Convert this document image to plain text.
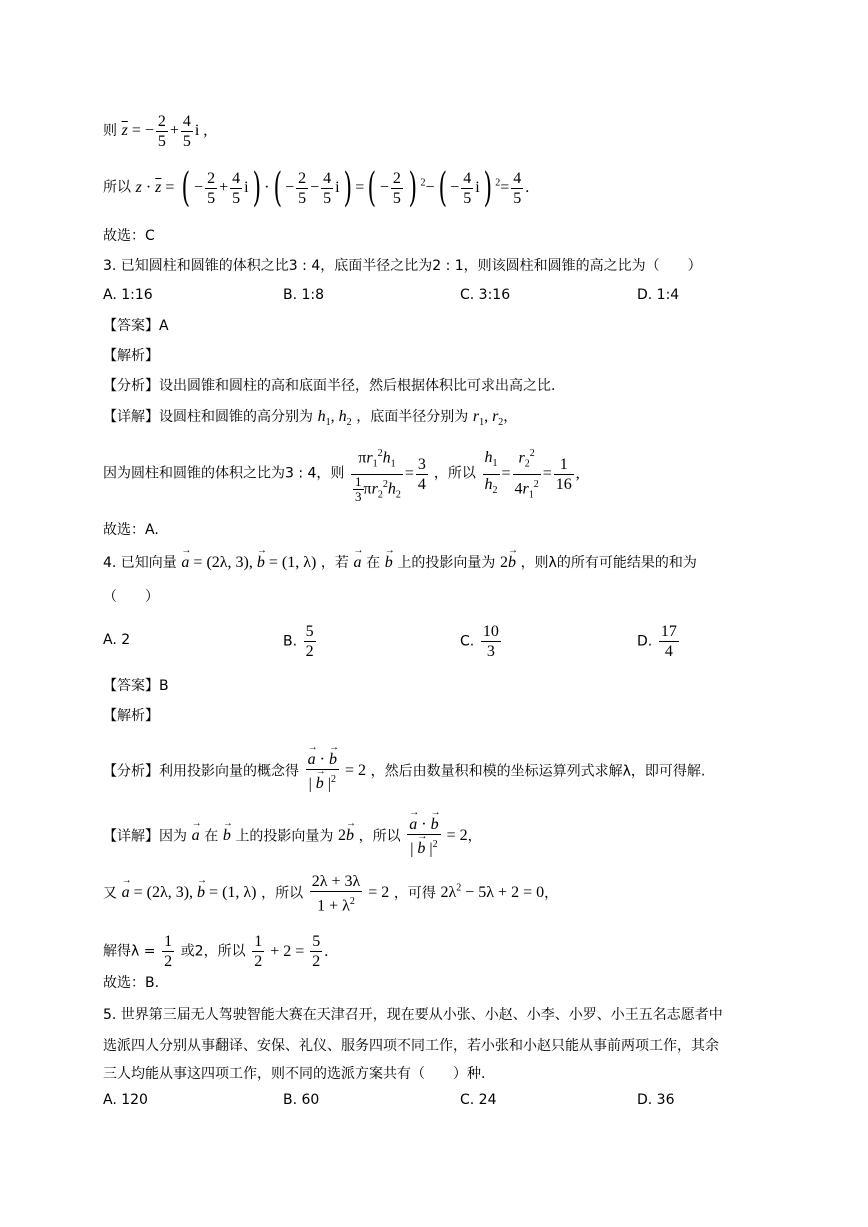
则 $\overline{z}$ = − $\frac{2}{5} + \frac{4}{5}$ i ,
所以 $z \cdot \overline{z}$ = ( − $\frac{2}{5} + \frac{4}{5} i$) ·( − $\frac{2}{5} - \frac{4}{5} i$) =( − $\frac{2}{5}$ ) $^2-( - \frac{4}{5} i)$ $^2= \frac{4}{5}$ .
故选：C
3. 已知圆柱和圆锥的体积之比3 : 4，底面半径之比为2 : 1，则该圆柱和圆锥的高之比为（　　）
A. 1:16	B. 1:8	C. 3:16	D. 1:4
【答案】A
【解析】
【分析】设出圆锥和圆柱的高和底面半径，然后根据体积比可求出高之比.
【详解】设圆柱和圆锥的高分别为 $h_1$, $h_2$ ，底面半径分别为 $r_1$, $r_2$，
因为圆柱和圆锥的体积之比为3 : 4，则 $\frac{\pi r_1^2h_1}{\frac{1}{3} \pi r_2^2h_2} = \frac{3}{4}$ ，所以 $\frac{h_1}{h_2} = \frac{r_2^2}{4r_1^2} = \frac{1}{16}$ ,
故选：A.
4. 已知向量 → a = (2λ, 3), → b = (1, λ) ，若 → a 在 → b 上的投影向量为 2→ b ，则λ的所有可能结果的和为
（　　）
A. 2	B. $\frac{5}{2}$	C. $\frac{10}{3}$	D. $\frac{17}{4}$
【答案】B
【解析】
【分析】利用投影向量的概念得 → $\frac{a \cdot \to b}{| \to b |^2} = 2$ ，然后由数量积和模的坐标运算列式求解λ，即可得解.
【详解】因为 → a 在 → b 上的投影向量为 2→ b ，所以 → $\frac{a \cdot \to b}{| \to b |^2} = 2$，
又 → a = (2λ, 3), → b = (1, λ) ，所以 $\frac{2\lambda + 3\lambda}{1 + \lambda^2} = 2$ ，可得 $2\lambda^2 - 5\lambda + 2 = 0$，
解得$\lambda = \frac{1}{2}$ 或2，所以 $\frac{1}{2} + 2 = \frac{5}{2}$ .
故选：B.
5. 世界第三届无人驾驶智能大赛在天津召开，现在要从小张、小赵、小李、小罗、小王五名志愿者中
选派四人分别从事翻译、安保、礼仪、服务四项不同工作，若小张和小赵只能从事前两项工作，其余
三人均能从事这四项工作，则不同的选派方案共有（　　）种.
A. 120	B. 60	C. 24	D. 36
